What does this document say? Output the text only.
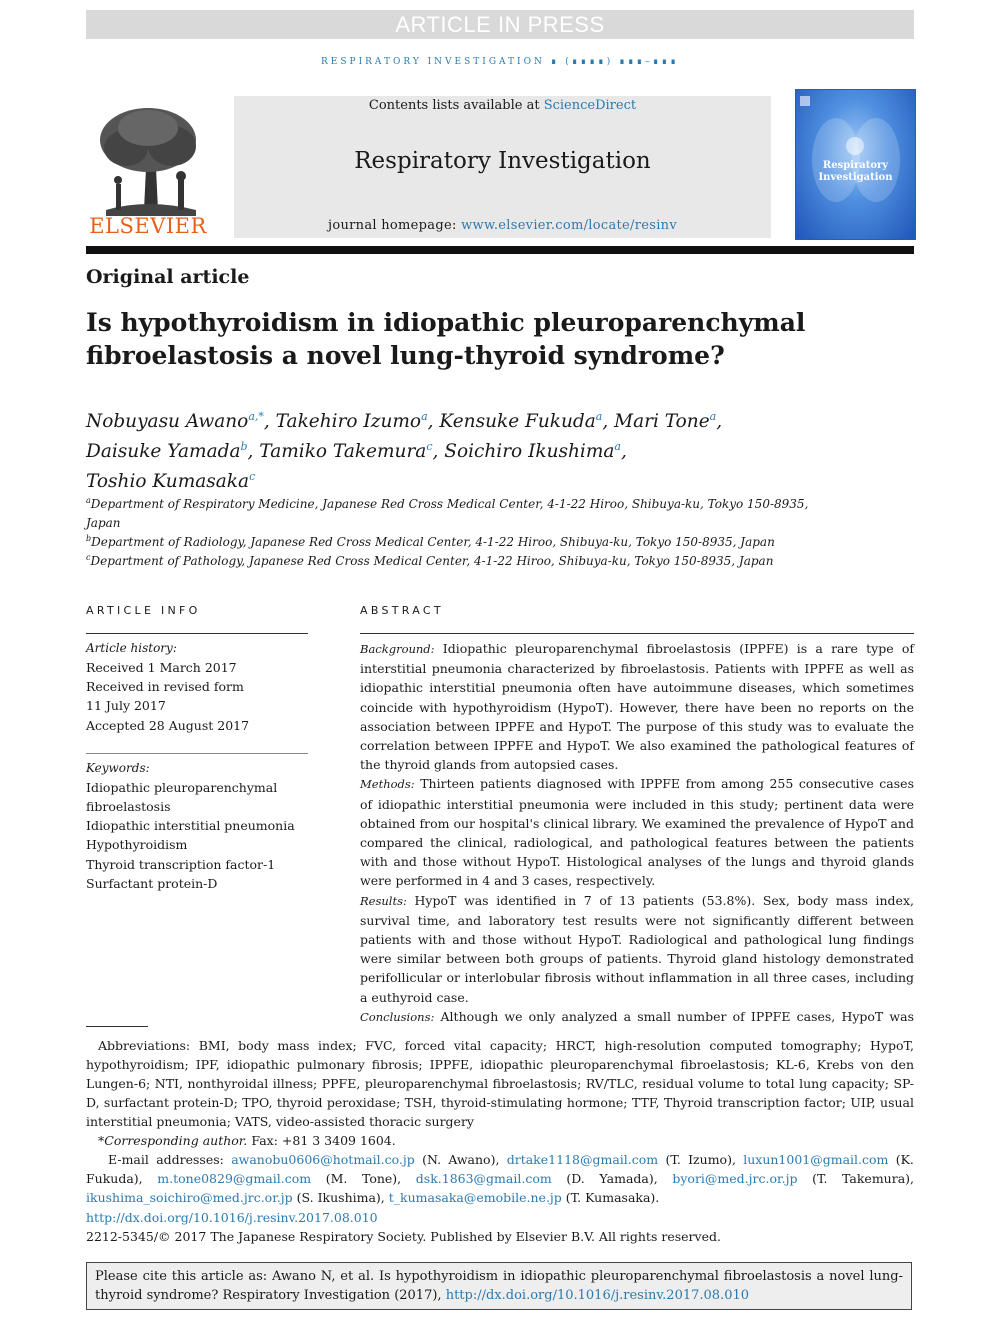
ARTICLE IN PRESS
RESPIRATORY INVESTIGATION ∎ (∎∎∎∎) ∎∎∎–∎∎∎
ELSEVIER
Contents lists available at ScienceDirect
Respiratory Investigation
journal homepage: www.elsevier.com/locate/resinv
Respiratory Investigation
Original article
Is hypothyroidism in idiopathic pleuroparenchymal
fibroelastosis a novel lung-thyroid syndrome?
Nobuyasu Awano$^{a,*}$, Takehiro Izumo$^a$, Kensuke Fukuda$^a$, Mari Tone$^a$,
Daisuke Yamada$^b$, Tamiko Takemura$^c$, Soichiro Ikushima$^a$,
Toshio Kumasaka$^c$
$^a$Department of Respiratory Medicine, Japanese Red Cross Medical Center, 4-1-22 Hiroo, Shibuya-ku, Tokyo 150-8935,
Japan
$^b$Department of Radiology, Japanese Red Cross Medical Center, 4-1-22 Hiroo, Shibuya-ku, Tokyo 150-8935, Japan
$^c$Department of Pathology, Japanese Red Cross Medical Center, 4-1-22 Hiroo, Shibuya-ku, Tokyo 150-8935, Japan
ARTICLE INFO
Article history:
Received 1 March 2017
Received in revised form
11 July 2017
Accepted 28 August 2017
Keywords:
Idiopathic pleuroparenchymal
fibroelastosis
Idiopathic interstitial pneumonia
Hypothyroidism
Thyroid transcription factor-1
Surfactant protein-D
ABSTRACT

Background: Idiopathic pleuroparenchymal fibroelastosis (IPPFE) is a rare type of interstitial pneumonia characterized by fibroelastosis. Patients with IPPFE as well as idiopathic interstitial pneumonia often have autoimmune diseases, which sometimes coincide with hypothyroidism (HypoT). However, there have been no reports on the association between IPPFE and HypoT. The purpose of this study was to evaluate the correlation between IPPFE and HypoT. We also examined the pathological features of the thyroid glands from autopsied cases.

Methods: Thirteen patients diagnosed with IPPFE from among 255 consecutive cases of idiopathic interstitial pneumonia were included in this study; pertinent data were obtained from our hospital's clinical library. We examined the prevalence of HypoT and compared the clinical, radiological, and pathological features between the patients with and those without HypoT. Histological analyses of the lungs and thyroid glands were performed in 4 and 3 cases, respectively.

Results: HypoT was identified in 7 of 13 patients (53.8%). Sex, body mass index, survival time, and laboratory test results were not significantly different between patients with and those without HypoT. Radiological and pathological lung findings were similar between both groups of patients. Thyroid gland histology demonstrated perifollicular or interlobular fibrosis without inflammation in all three cases, including a euthyroid case.

Conclusions: Although we only analyzed a small number of IPPFE cases, HypoT was

Abbreviations: BMI, body mass index; FVC, forced vital capacity; HRCT, high-resolution computed tomography; HypoT, hypothyroidism; IPF, idiopathic pulmonary fibrosis; IPPFE, idiopathic pleuroparenchymal fibroelastosis; KL-6, Krebs von den Lungen-6; NTI, nonthyroidal illness; PPFE, pleuroparenchymal fibroelastosis; RV/TLC, residual volume to total lung capacity; SP-D, surfactant protein-D; TPO, thyroid peroxidase; TSH, thyroid-stimulating hormone; TTF, Thyroid transcription factor; UIP, usual interstitial pneumonia; VATS, video-assisted thoracic surgery

*Corresponding author. Fax: +81 3 3409 1604.

E-mail addresses: awanobu0606@hotmail.co.jp (N. Awano), drtake1118@gmail.com (T. Izumo), luxun1001@gmail.com (K. Fukuda), m.tone0829@gmail.com (M. Tone), dsk.1863@gmail.com (D. Yamada), byori@med.jrc.or.jp (T. Takemura), ikushima_soichiro@med.jrc.or.jp (S. Ikushima), t_kumasaka@emobile.ne.jp (T. Kumasaka).

http://dx.doi.org/10.1016/j.resinv.2017.08.010
2212-5345/© 2017 The Japanese Respiratory Society. Published by Elsevier B.V. All rights reserved.
Please cite this article as: Awano N, et al. Is hypothyroidism in idiopathic pleuroparenchymal fibroelastosis a novel lung-thyroid syndrome? Respiratory Investigation (2017), http://dx.doi.org/10.1016/j.resinv.2017.08.010
